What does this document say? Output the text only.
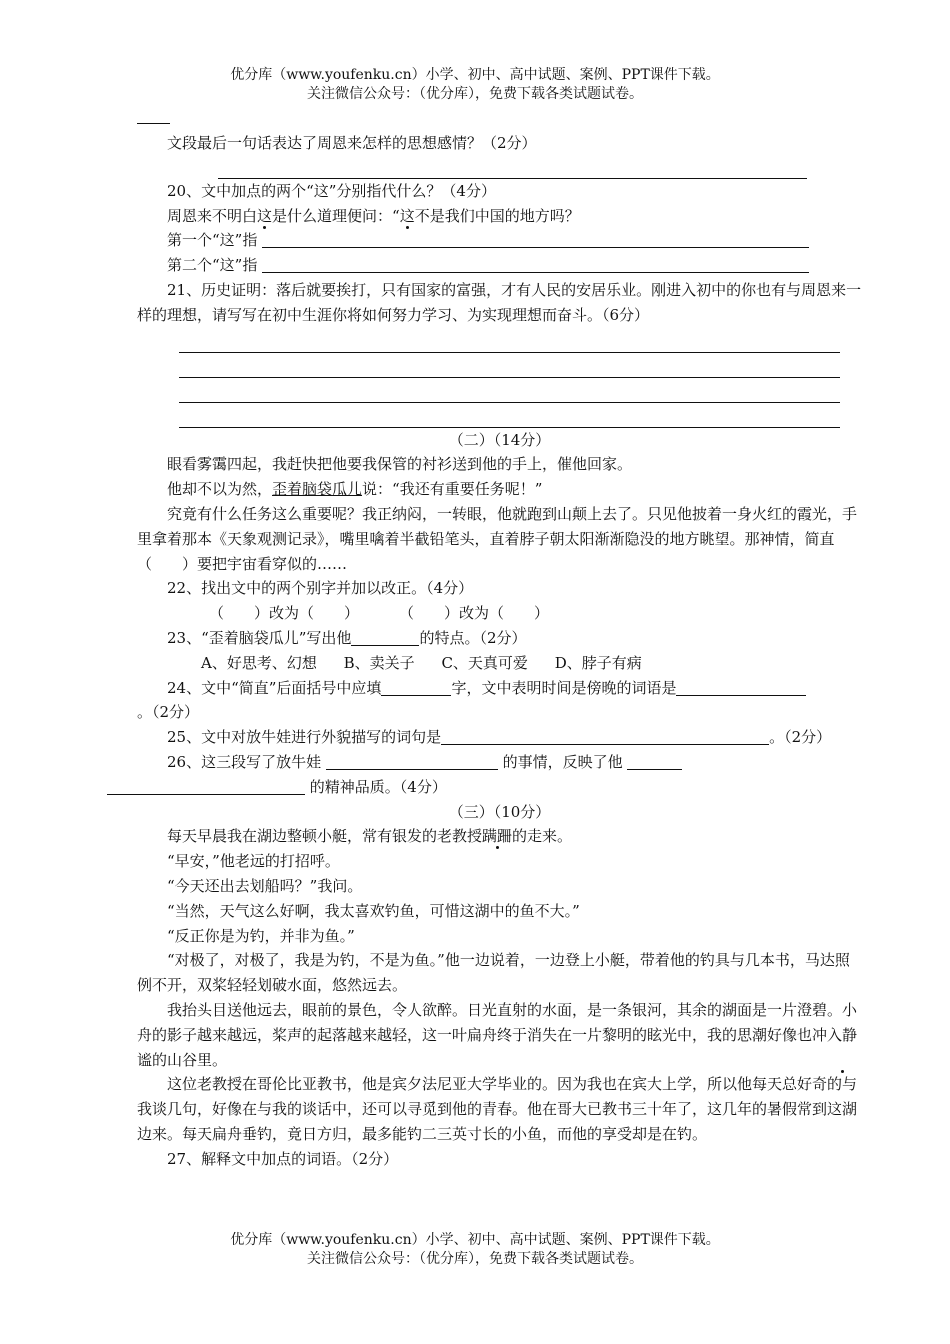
优分库（www.youfenku.cn）小学、初中、高中试题、案例、PPT课件下载。
关注微信公众号：（优分库），免费下载各类试题试卷。

文段最后一句话表达了周恩来怎样的思想感情？（2分）

20、文中加点的两个“这”分别指代什么？（4分）

周恩来不明白这是什么道理便问：“这不是我们中国的地方吗？

第一个“这”指

第二个“这”指

21、历史证明：落后就要挨打，只有国家的富强，才有人民的安居乐业。刚进入初中的你也有与周恩来一样的理想，请写写在初中生涯你将如何努力学习、为实现理想而奋斗。（6分）

（二）（14分）

眼看雾霭四起，我赶快把他要我保管的衬衫送到他的手上，催他回家。

他却不以为然，歪着脑袋瓜儿说：“我还有重要任务呢！”

究竟有什么任务这么重要呢？我正纳闷，一转眼，他就跑到山颠上去了。只见他披着一身火红的霞光，手里拿着那本《天象观测记录》，嘴里噙着半截铅笔头，直着脖子朝太阳渐渐隐没的地方眺望。那神情，简直（　　）要把宇宙看穿似的……

22、找出文中的两个别字并加以改正。（4分）

（　　）改为（　　）	（　　）改为（　　）

23、“歪着脑袋瓜儿”写出他	的特点。（2分）

A、好思考、幻想 B、卖关子 C、天真可爱 D、脖子有病

24、文中“简直”后面括号中应填	字，文中表明时间是傍晚的词语是。（2分）

25、文中对放牛娃进行外貌描写的词句是	。（2分）

26、这三段写了放牛娃	的事情，反映了他
的精神品质。（4分）

（三）（10分）

每天早晨我在湖边整顿小艇，常有银发的老教授蹒跚的走来。

“早安，”他老远的打招呼。

“今天还出去划船吗？”我问。

“当然，天气这么好啊，我太喜欢钓鱼，可惜这湖中的鱼不大。”

“反正你是为钓，并非为鱼。”

“对极了，对极了，我是为钓，不是为鱼。”他一边说着，一边登上小艇，带着他的钓具与几本书，马达照例不开，双桨轻轻划破水面，悠然远去。

我抬头目送他远去，眼前的景色，令人欲醉。日光直射的水面，是一条银河，其余的湖面是一片澄碧。小舟的影子越来越远，桨声的起落越来越轻，这一叶扁舟终于消失在一片黎明的眩光中，我的思潮好像也冲入静谧的山谷里。

这位老教授在哥伦比亚教书，他是宾夕法尼亚大学毕业的。因为我也在宾大上学，所以他每天总好奇的与我谈几句，好像在与我的谈话中，还可以寻觅到他的青春。他在哥大已教书三十年了，这几年的暑假常到这湖边来。每天扁舟垂钓，竟日方归，最多能钓二三英寸长的小鱼，而他的享受却是在钓。

27、解释文中加点的词语。（2分）

优分库（www.youfenku.cn）小学、初中、高中试题、案例、PPT课件下载。
关注微信公众号：（优分库），免费下载各类试题试卷。
